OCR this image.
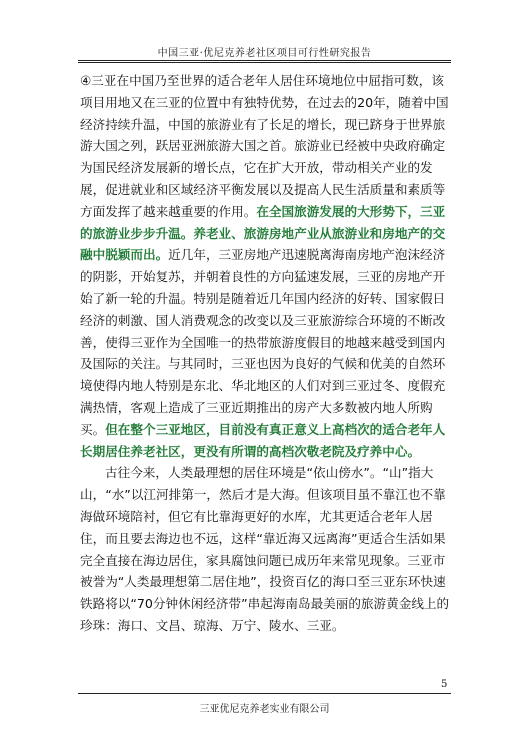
中国三亚·优尼克养老社区项目可行性研究报告

④三亚在中国乃至世界的适合老年人居住环境地位中屈指可数，该项目用地又在三亚的位置中有独特优势，在过去的20年，随着中国经济持续升温，中国的旅游业有了长足的增长，现已跻身于世界旅游大国之列，跃居亚洲旅游大国之首。旅游业已经被中央政府确定为国民经济发展新的增长点，它在扩大开放，带动相关产业的发展，促进就业和区域经济平衡发展以及提高人民生活质量和素质等方面发挥了越来越重要的作用。在全国旅游发展的大形势下，三亚的旅游业步步升温。养老业、旅游房地产业从旅游业和房地产的交融中脱颖而出。近几年，三亚房地产迅速脱离海南房地产泡沫经济的阴影，开始复苏，并朝着良性的方向猛速发展，三亚的房地产开始了新一轮的升温。特别是随着近几年国内经济的好转、国家假日经济的刺激、国人消费观念的改变以及三亚旅游综合环境的不断改善，使得三亚作为全国唯一的热带旅游度假目的地越来越受到国内及国际的关注。与其同时，三亚也因为良好的气候和优美的自然环境使得内地人特别是东北、华北地区的人们对到三亚过冬、度假充满热情，客观上造成了三亚近期推出的房产大多数被内地人所购买。但在整个三亚地区，目前没有真正意义上高档次的适合老年人长期居住养老社区，更没有所谓的高档次敬老院及疗养中心。

古往今来，人类最理想的居住环境是“依山傍水”。“山”指大山，“水”以江河排第一，然后才是大海。但该项目虽不靠江也不靠海做环境陪衬，但它有比靠海更好的水库，尤其更适合老年人居住，而且要去海边也不远，这样“靠近海又远离海”更适合生活如果完全直接在海边居住，家具腐蚀问题已成历年来常见现象。三亚市被誉为“人类最理想第二居住地”，投资百亿的海口至三亚东环快速铁路将以“70分钟休闲经济带”串起海南岛最美丽的旅游黄金线上的珍珠：海口、文昌、琼海、万宁、陵水、三亚。

5
三亚优尼克养老实业有限公司
